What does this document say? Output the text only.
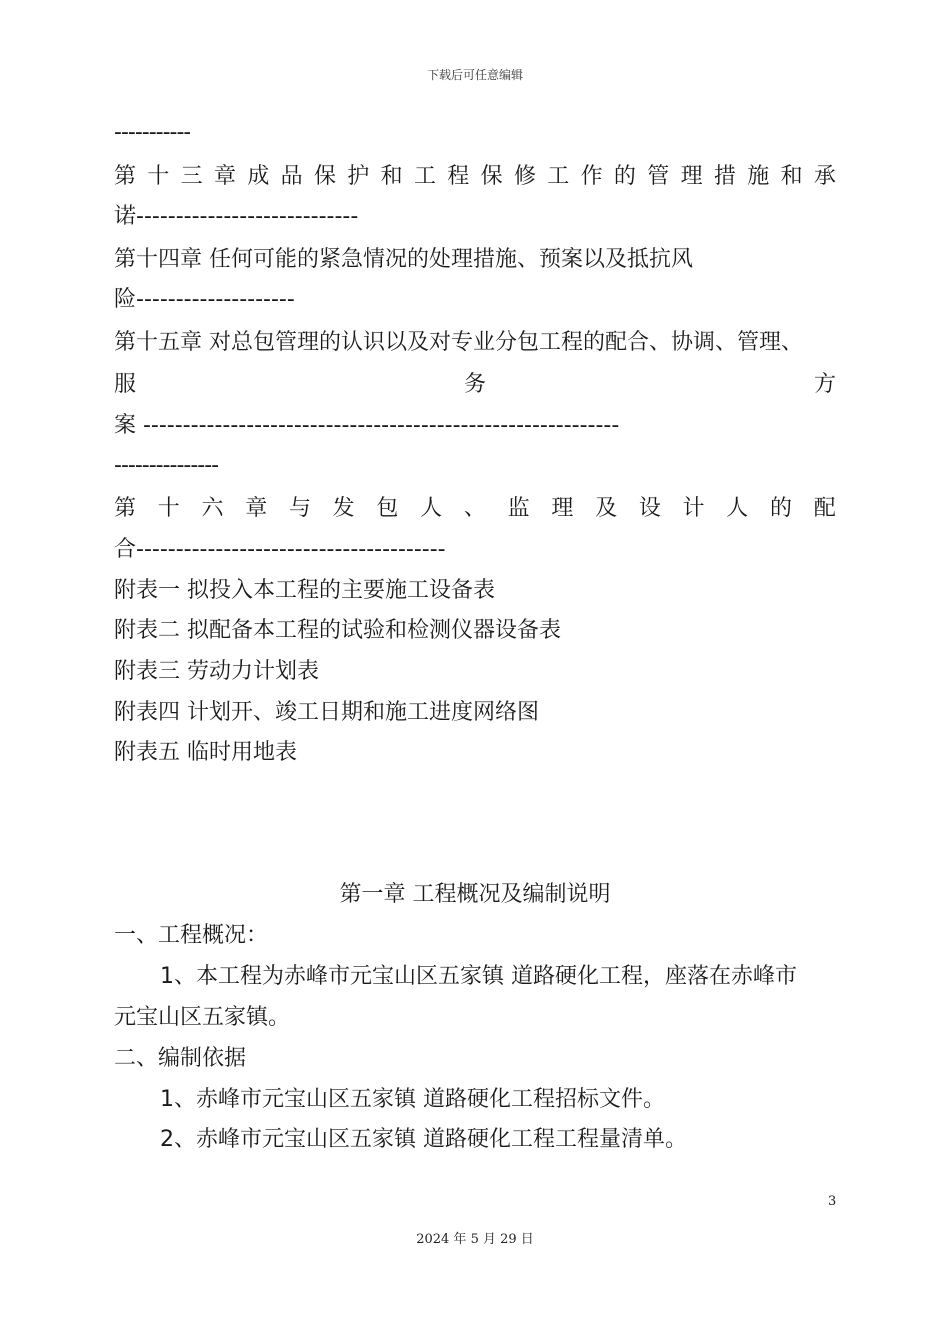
下载后可任意编辑
-----------
第 十 三 章 成 品 保 护 和 工 程 保 修 工 作 的 管 理 措 施 和 承
诺----------------------------
第十四章 任何可能的紧急情况的处理措施、预案以及抵抗风
险--------------------
第十五章 对总包管理的认识以及对专业分包工程的配合、协调、管理、
服	务	方
案 ------------------------------------------------------------
---------------
第 十 六 章 与 发 包 人 、 监 理 及 设 计 人 的 配
合---------------------------------------
附表一 拟投入本工程的主要施工设备表
附表二 拟配备本工程的试验和检测仪器设备表
附表三 劳动力计划表
附表四 计划开、竣工日期和施工进度网络图
附表五 临时用地表
第一章 工程概况及编制说明
一、工程概况：
1、本工程为赤峰市元宝山区五家镇 道路硬化工程，座落在赤峰市
元宝山区五家镇。
二、编制依据
1、赤峰市元宝山区五家镇 道路硬化工程招标文件。
2、赤峰市元宝山区五家镇 道路硬化工程工程量清单。
3
2024 年 5 月 29 日
